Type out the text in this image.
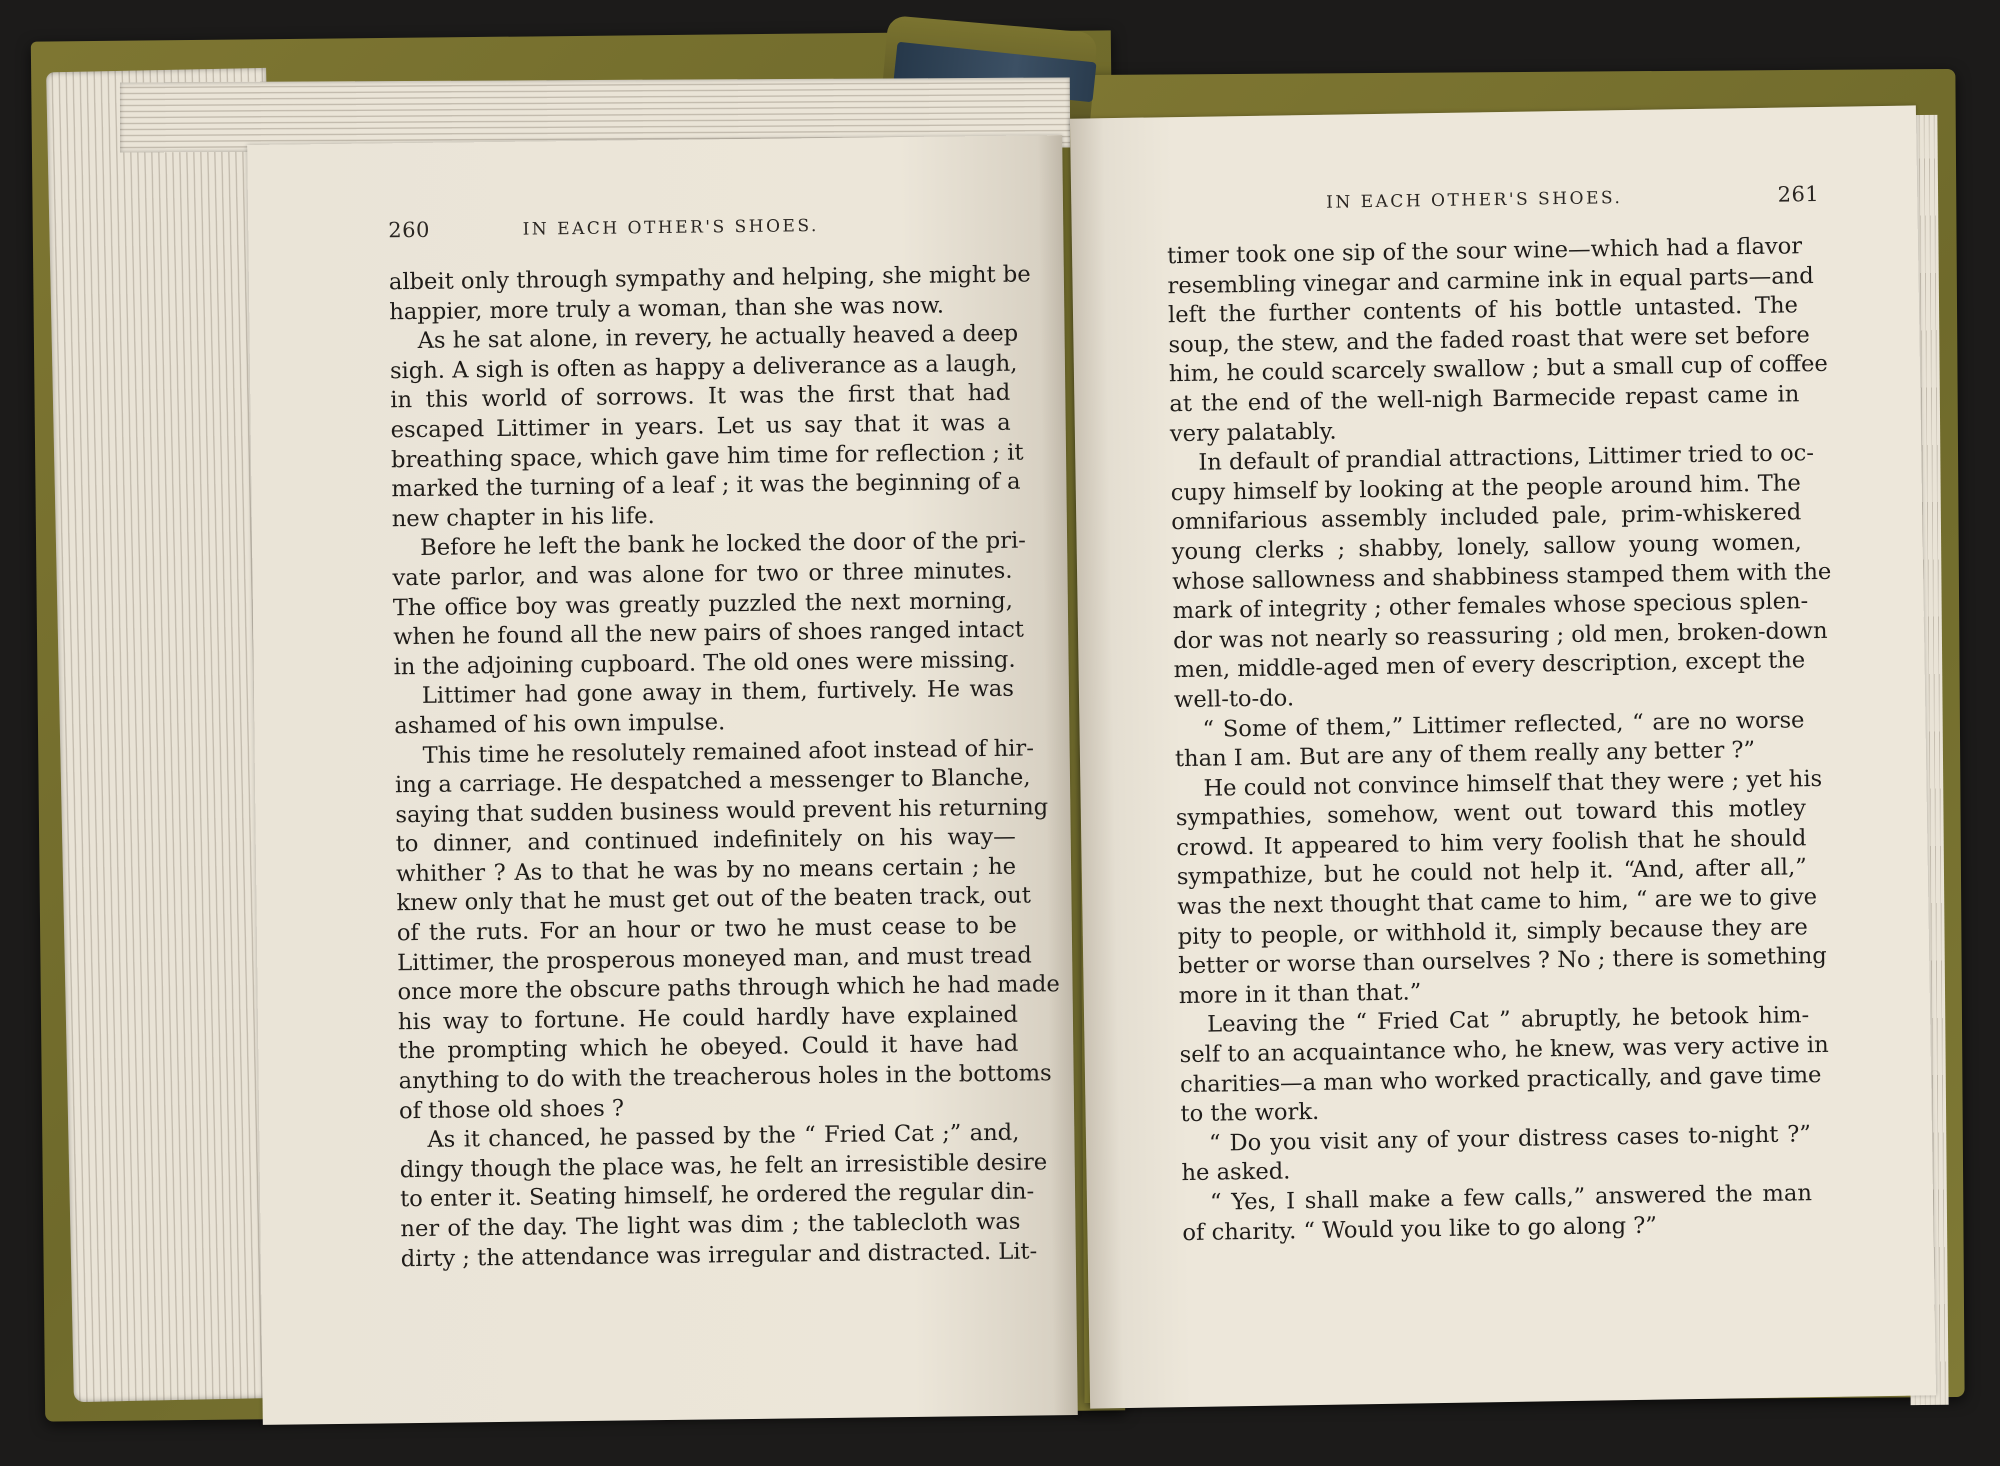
260	IN EACH OTHER'S SHOES.
albeit only through sympathy and helping, she might be
happier, more truly a woman, than she was now.
As he sat alone, in revery, he actually heaved a deep
sigh. A sigh is often as happy a deliverance as a laugh,
in this world of sorrows. It was the first that had
escaped Littimer in years. Let us say that it was a
breathing space, which gave him time for reflection ; it
marked the turning of a leaf ; it was the beginning of a
new chapter in his life.
Before he left the bank he locked the door of the pri-
vate parlor, and was alone for two or three minutes.
The office boy was greatly puzzled the next morning,
when he found all the new pairs of shoes ranged intact
in the adjoining cupboard. The old ones were missing.
Littimer had gone away in them, furtively. He was
ashamed of his own impulse.
This time he resolutely remained afoot instead of hir-
ing a carriage. He despatched a messenger to Blanche,
saying that sudden business would prevent his returning
to dinner, and continued indefinitely on his way—
whither ? As to that he was by no means certain ; he
knew only that he must get out of the beaten track, out
of the ruts. For an hour or two he must cease to be
Littimer, the prosperous moneyed man, and must tread
once more the obscure paths through which he had made
his way to fortune. He could hardly have explained
the prompting which he obeyed. Could it have had
anything to do with the treacherous holes in the bottoms
of those old shoes ?
As it chanced, he passed by the “ Fried Cat ;” and,
dingy though the place was, he felt an irresistible desire
to enter it. Seating himself, he ordered the regular din-
ner of the day. The light was dim ; the tablecloth was
dirty ; the attendance was irregular and distracted. Lit-
IN EACH OTHER'S SHOES.	261
timer took one sip of the sour wine—which had a flavor
resembling vinegar and carmine ink in equal parts—and
left the further contents of his bottle untasted. The
soup, the stew, and the faded roast that were set before
him, he could scarcely swallow ; but a small cup of coffee
at the end of the well-nigh Barmecide repast came in
very palatably.
In default of prandial attractions, Littimer tried to oc-
cupy himself by looking at the people around him. The
omnifarious assembly included pale, prim-whiskered
young clerks ; shabby, lonely, sallow young women,
whose sallowness and shabbiness stamped them with the
mark of integrity ; other females whose specious splen-
dor was not nearly so reassuring ; old men, broken-down
men, middle-aged men of every description, except the
well-to-do.
“ Some of them,” Littimer reflected, “ are no worse
than I am. But are any of them really any better ?”
He could not convince himself that they were ; yet his
sympathies, somehow, went out toward this motley
crowd. It appeared to him very foolish that he should
sympathize, but he could not help it. “And, after all,”
was the next thought that came to him, “ are we to give
pity to people, or withhold it, simply because they are
better or worse than ourselves ? No ; there is something
more in it than that.”
Leaving the “ Fried Cat ” abruptly, he betook him-
self to an acquaintance who, he knew, was very active in
charities—a man who worked practically, and gave time
to the work.
“ Do you visit any of your distress cases to-night ?”
he asked.
“ Yes, I shall make a few calls,” answered the man
of charity. “ Would you like to go along ?”
